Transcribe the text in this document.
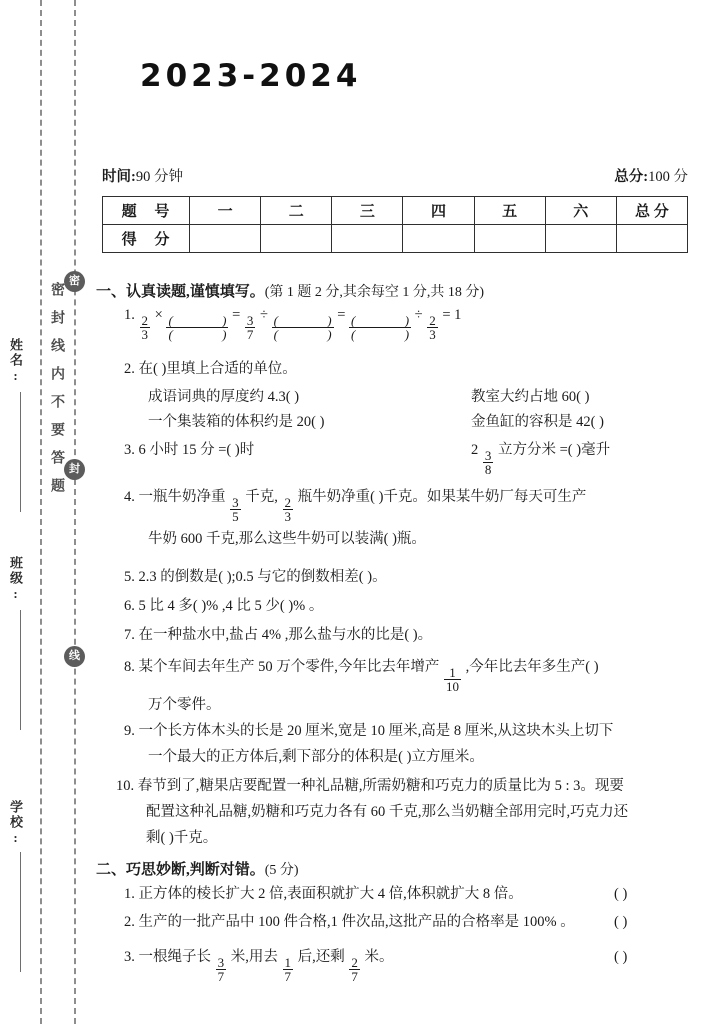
姓名:
班级:
学校:
密封线内不要答题
密
封
线
2023-2024
时间:90 分钟	总分:100 分
题 号	一	二	三	四	五	六	总 分
得 分							
一、认真读题,谨慎填写。(第 1 题 2 分,其余每空 1 分,共 18 分)
1. $\frac{2}{3}$ × (	)
(	)
= $\frac{3}{7}$ ÷ (	)
(	)
= (	)
(	)
÷ $\frac{2}{3} = 1$
2. 在( )里填上合适的单位。
成语词典的厚度约 4.3( )	教室大约占地 60( )
一个集装箱的体积约是 20( )	金鱼缸的容积是 42( )
3. 6 小时 15 分 =( )时	$2 \frac{3}{8}$ 立方分米 =( )毫升
4. 一瓶牛奶净重 $\frac{3}{5}$ 千克, $\frac{2}{3}$ 瓶牛奶净重( )千克。如果某牛奶厂每天可生产
牛奶 600 千克,那么这些牛奶可以装满( )瓶。
5. 2.3 的倒数是( );0.5 与它的倒数相差( )。
6. 5 比 4 多( )% ,4 比 5 少( )% 。
7. 在一种盐水中,盐占 4% ,那么盐与水的比是( )。
8. 某个车间去年生产 50 万个零件,今年比去年增产 $\frac{1}{10}$ ,今年比去年多生产( )
万个零件。
9. 一个长方体木头的长是 20 厘米,宽是 10 厘米,高是 8 厘米,从这块木头上切下
一个最大的正方体后,剩下部分的体积是( )立方厘米。
10. 春节到了,糖果店要配置一种礼品糖,所需奶糖和巧克力的质量比为 5 : 3。现要
配置这种礼品糖,奶糖和巧克力各有 60 千克,那么当奶糖全部用完时,巧克力还
剩( )千克。
二、巧思妙断,判断对错。(5 分)
1. 正方体的棱长扩大 2 倍,表面积就扩大 4 倍,体积就扩大 8 倍。	( )
2. 生产的一批产品中 100 件合格,1 件次品,这批产品的合格率是 100% 。	( )
3. 一根绳子长 $\frac{3}{7}$ 米,用去 $\frac{1}{7}$ 后,还剩 $\frac{2}{7}$ 米。	( )
